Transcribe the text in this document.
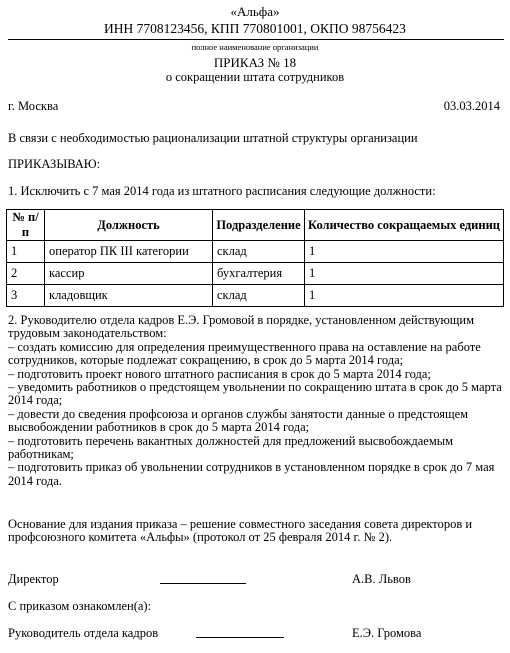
«Альфа»
ИНН 7708123456, КПП 770801001, ОКПО 98756423
полное наименование организации
ПРИКАЗ № 18
о сокращении штата сотрудников
г. Москва	03.03.2014
В связи с необходимостью рационализации штатной структуры организации
ПРИКАЗЫВАЮ:
1. Исключить с 7 мая 2014 года из штатного расписания следующие должности:
№ п/п	Должность	Подразделение	Количество сокращаемых единиц
1	оператор ПК III категории	склад	1
2	кассир	бухгалтерия	1
3	кладовщик	склад	1
2. Руководителю отдела кадров Е.Э. Громовой в порядке, установленном действующим
трудовым законодательством:
– создать комиссию для определения преимущественного права на оставление на работе
сотрудников, которые подлежат сокращению, в срок до 5 марта 2014 года;
– подготовить проект нового штатного расписания в срок до 5 марта 2014 года;
– уведомить работников о предстоящем увольнении по сокращению штата в срок до 5 марта
2014 года;
– довести до сведения профсоюза и органов службы занятости данные о предстоящем
высвобождении работников в срок до 5 марта 2014 года;
– подготовить перечень вакантных должностей для предложений высвобождаемым
работникам;
– подготовить приказ об увольнении сотрудников в установленном порядке в срок до 7 мая
2014 года.
Основание для издания приказа – решение совместного заседания совета директоров и
профсоюзного комитета «Альфы» (протокол от 25 февраля 2014 г. № 2).
Директор	А.В. Львов
С приказом ознакомлен(а):
Руководитель отдела кадров	Е.Э. Громова
